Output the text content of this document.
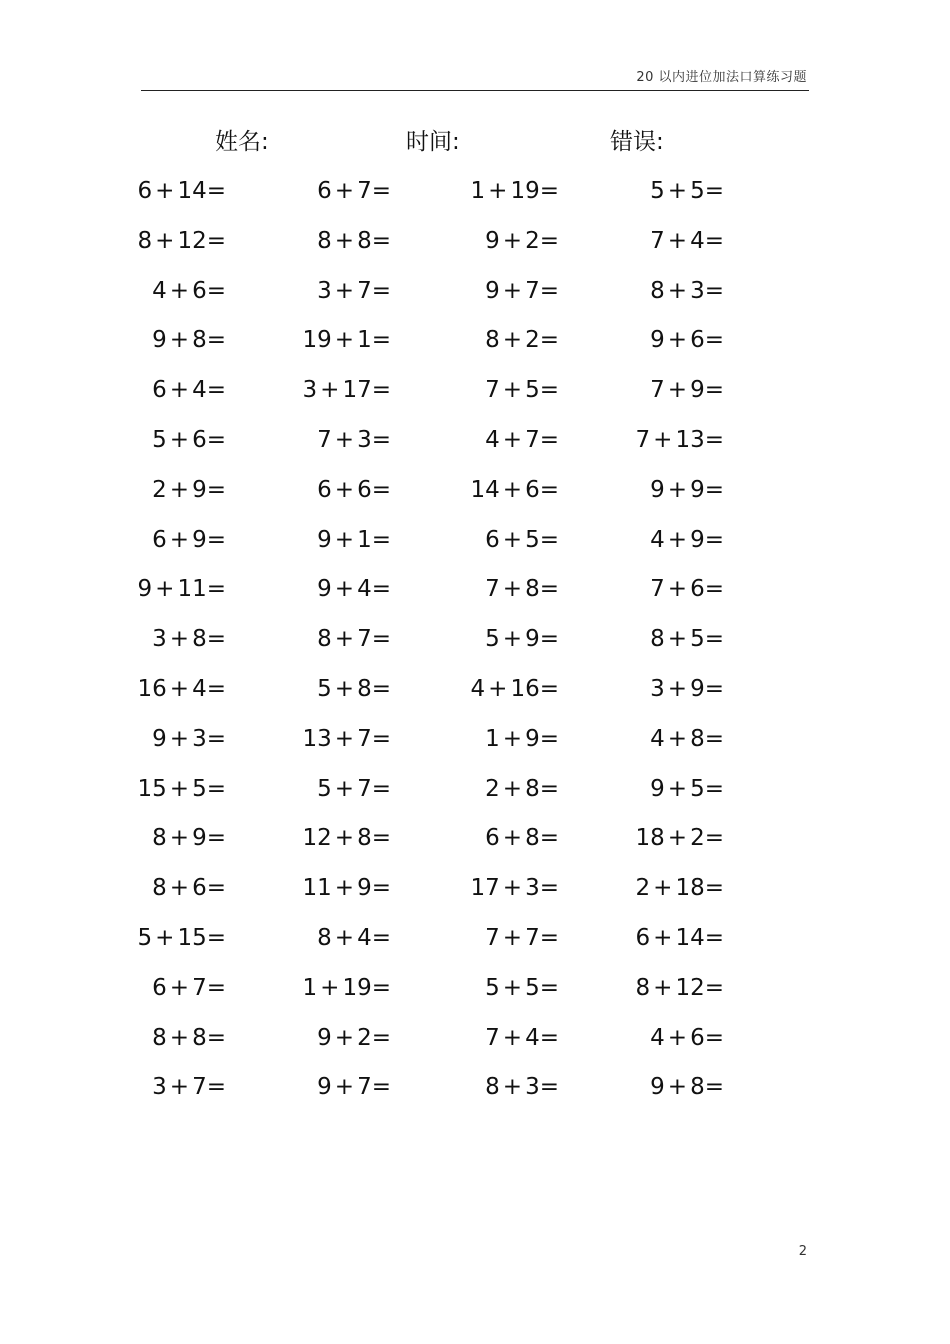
20 以内进位加法口算练习题
姓名:	时间:	错误:
6 + 14 =	6 + 7 =	1 + 19 =	5 + 5 =
8 + 12 =	8 + 8 =	9 + 2 =	7 + 4 =
4 + 6 =	3 + 7 =	9 + 7 =	8 + 3 =
9 + 8 =	19 + 1 =	8 + 2 =	9 + 6 =
6 + 4 =	3 + 17 =	7 + 5 =	7 + 9 =
5 + 6 =	7 + 3 =	4 + 7 =	7 + 13 =
2 + 9 =	6 + 6 =	14 + 6 =	9 + 9 =
6 + 9 =	9 + 1 =	6 + 5 =	4 + 9 =
9 + 11 =	9 + 4 =	7 + 8 =	7 + 6 =
3 + 8 =	8 + 7 =	5 + 9 =	8 + 5 =
16 + 4 =	5 + 8 =	4 + 16 =	3 + 9 =
9 + 3 =	13 + 7 =	1 + 9 =	4 + 8 =
15 + 5 =	5 + 7 =	2 + 8 =	9 + 5 =
8 + 9 =	12 + 8 =	6 + 8 =	18 + 2 =
8 + 6 =	11 + 9 =	17 + 3 =	2 + 18 =
5 + 15 =	8 + 4 =	7 + 7 =	6 + 14 =
6 + 7 =	1 + 19 =	5 + 5 =	8 + 12 =
8 + 8 =	9 + 2 =	7 + 4 =	4 + 6 =
3 + 7 =	9 + 7 =	8 + 3 =	9 + 8 =
2
